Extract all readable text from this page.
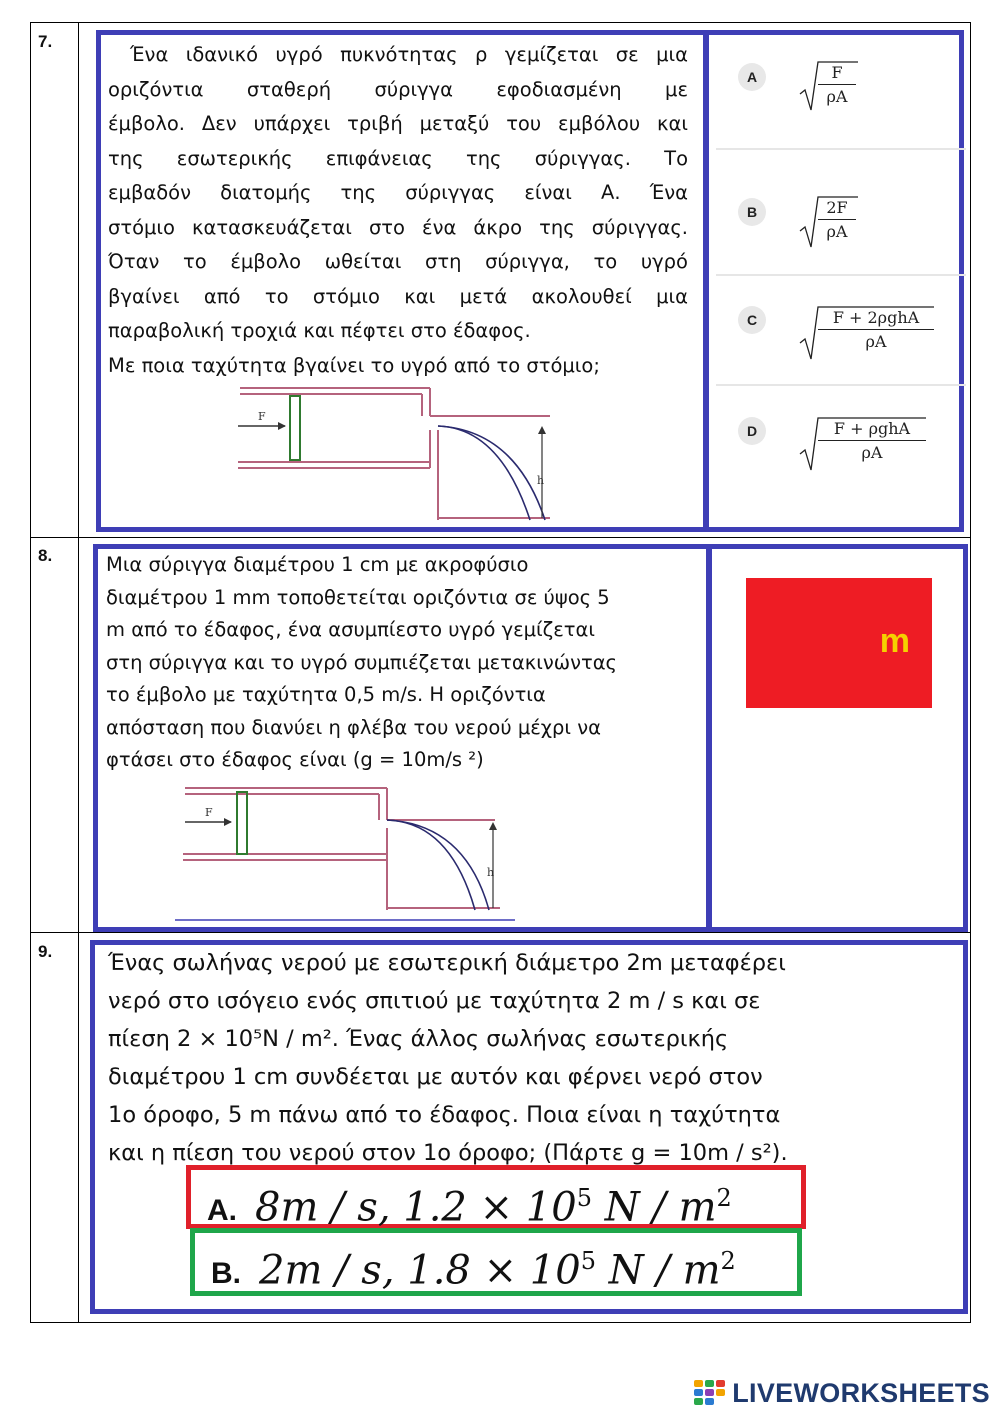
7.

Ένα ιδανικό υγρό πυκνότητας ρ γεμίζεται σε μια

οριζόντια σταθερή σύριγγα εφοδιασμένη με

έμβολο. Δεν υπάρχει τριβή μεταξύ του εμβόλου και

της εσωτερικής επιφάνειας της σύριγγας. Το

εμβαδόν διατομής της σύριγγας είναι Α. Ένα

στόμιο κατασκευάζεται στο ένα άκρο της σύριγγας.

Όταν το έμβολο ωθείται στη σύριγγα, το υγρό

βγαίνει από το στόμιο και μετά ακολουθεί μια

παραβολική τροχιά και πέφτει στο έδαφος.

Με ποια ταχύτητα βγαίνει το υγρό από το στόμιο;

F
h
A	$\frac{F}{\rho A}$
B	$\frac{2F}{\rho A}$
C	F + 2ρghA
ρA
D	F + ρghA
ρA
8.	Μια σύριγγα διαμέτρου 1 cm με ακροφύσιο

διαμέτρου 1 mm τοποθετείται οριζόντια σε ύψος 5

m από το έδαφος, ένα ασυμπίεστο υγρό γεμίζεται

στη σύριγγα και το υγρό συμπιέζεται μετακινώντας

το έμβολο με ταχύτητα 0,5 m/s. Η οριζόντια

απόσταση που διανύει η φλέβα του νερού μέχρι να

φτάσει στο έδαφος είναι (g = 10m/s ²)

F
h
m
9. Ένας σωλήνας νερού με εσωτερική διάμετρο 2m μεταφέρει

νερό στο ισόγειο ενός σπιτιού με ταχύτητα 2 m / s και σε

πίεση 2 × 10⁵N / m². Ένας άλλος σωλήνας εσωτερικής

διαμέτρου 1 cm συνδέεται με αυτόν και φέρνει νερό στον

1ο όροφο, 5 m πάνω από το έδαφος. Ποια είναι η ταχύτητα

και η πίεση του νερού στον 1ο όροφο; (Πάρτε g = 10m / s²).

A. 8m / s, $1.2 \times 10^5$ N / $m^2$
B. 2m / s, $1.8 \times 10^5$ N / $m^2$
LIVEWORKSHEETS
